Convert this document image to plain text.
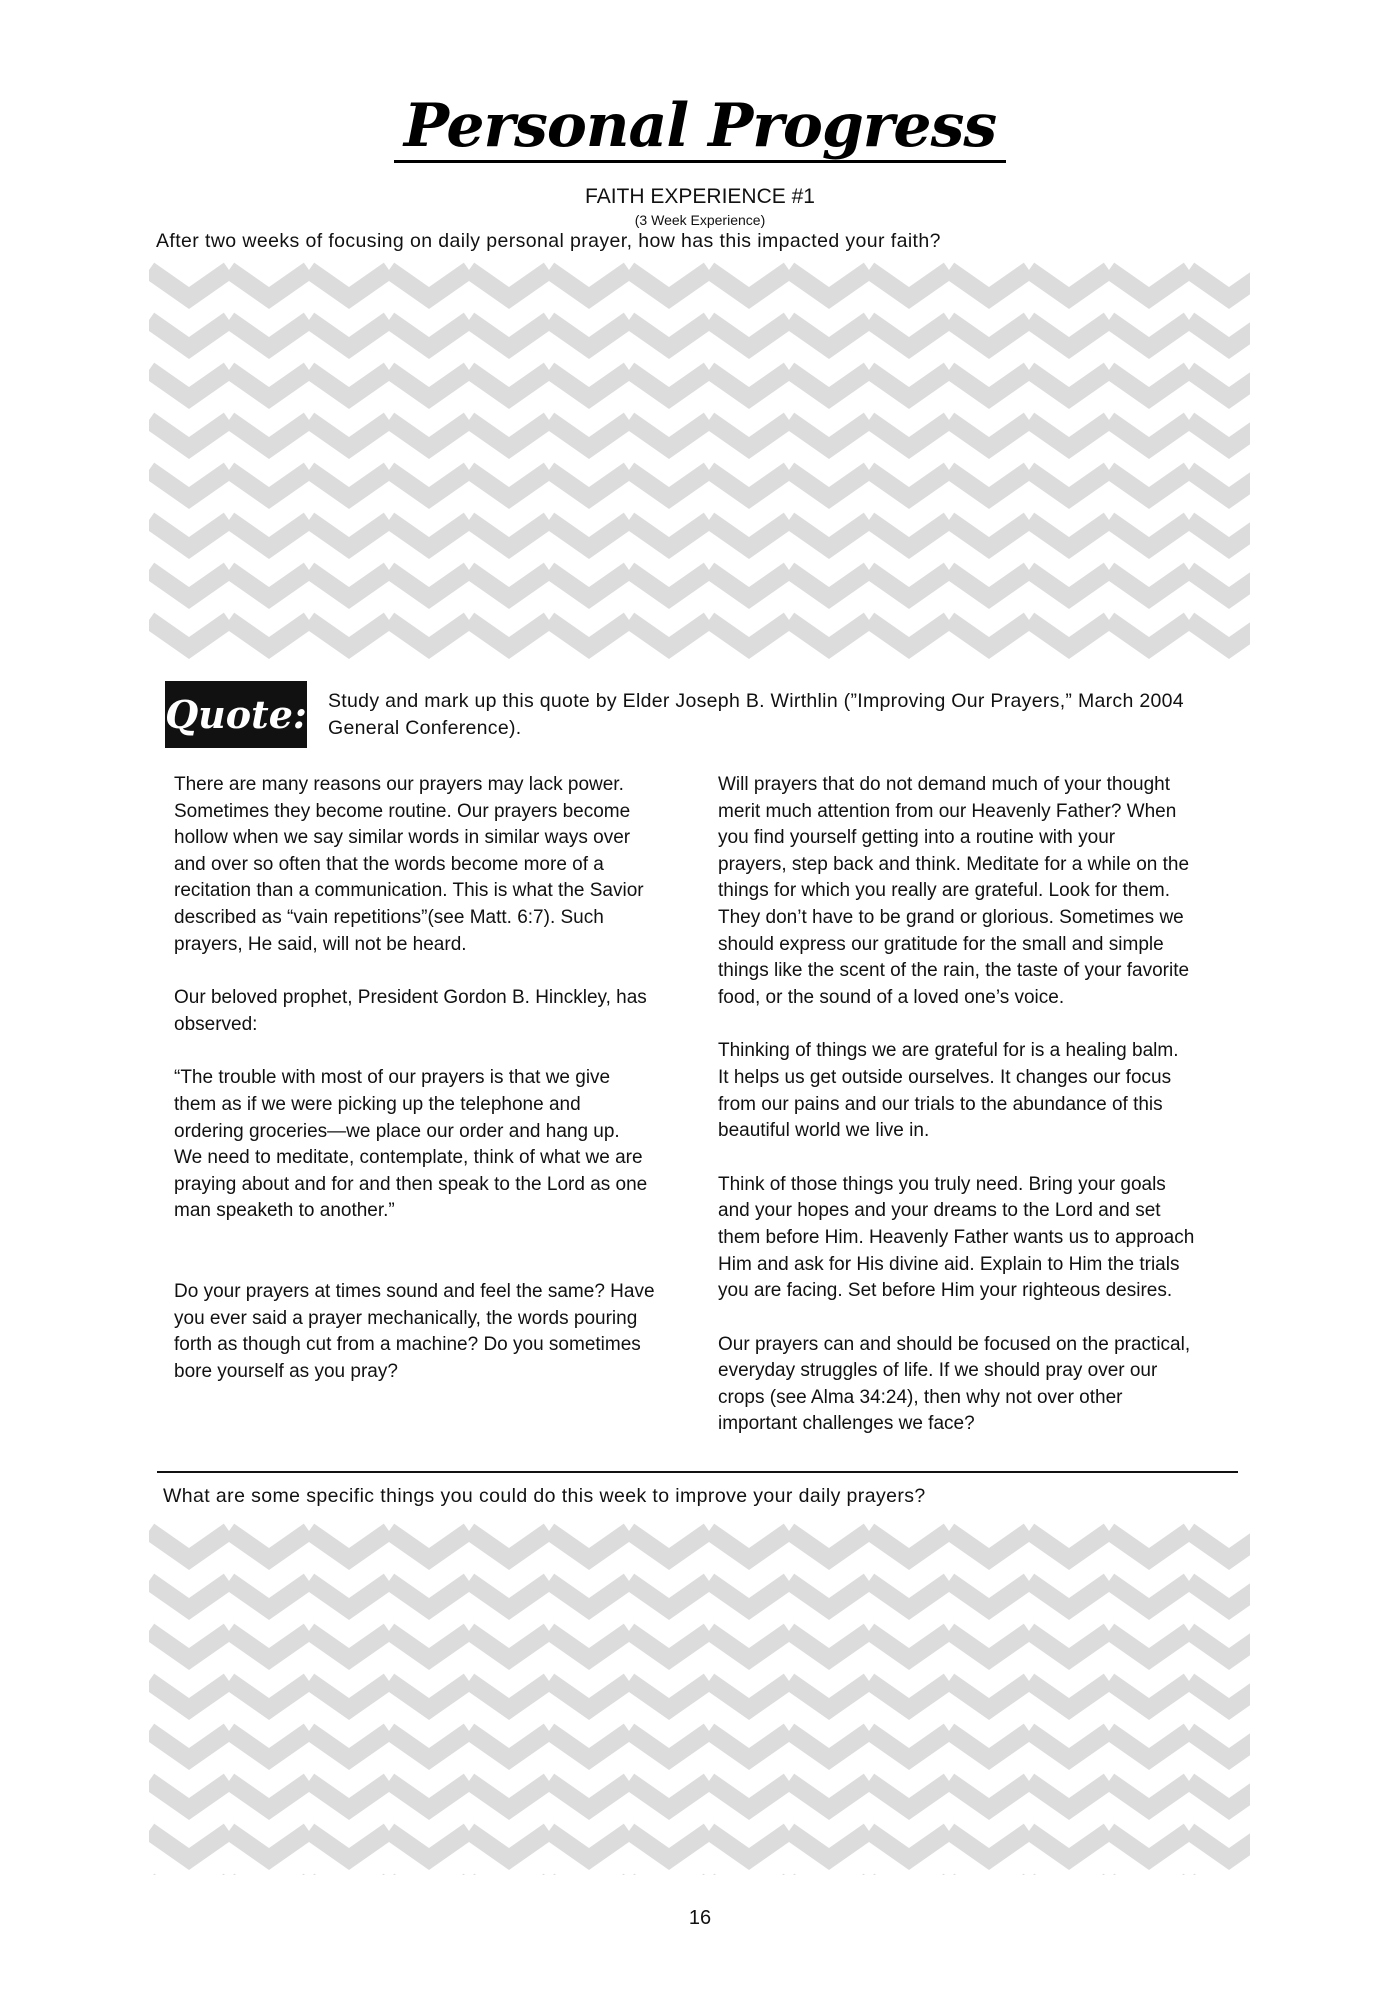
Personal Progress
FAITH EXPERIENCE #1
(3 Week Experience)
After two weeks of focusing on daily personal prayer, how has this impacted your faith?
Quote: Study and mark up this quote by Elder Joseph B. Wirthlin (”Improving Our Prayers,” March 2004 General Conference).

There are many reasons our prayers may lack power.
Sometimes they become routine. Our prayers become
hollow when we say similar words in similar ways over
and over so often that the words become more of a
recitation than a communication. This is what the Savior
described as “vain repetitions”(see Matt. 6:7). Such
prayers, He said, will not be heard.

Our beloved prophet, President Gordon B. Hinckley, has
observed:

“The trouble with most of our prayers is that we give
them as if we were picking up the telephone and
ordering groceries—we place our order and hang up.
We need to meditate, contemplate, think of what we are
praying about and for and then speak to the Lord as one
man speaketh to another.”

Do your prayers at times sound and feel the same? Have
you ever said a prayer mechanically, the words pouring
forth as though cut from a machine? Do you sometimes
bore yourself as you pray?

Will prayers that do not demand much of your thought
merit much attention from our Heavenly Father? When
you find yourself getting into a routine with your
prayers, step back and think. Meditate for a while on the
things for which you really are grateful. Look for them.
They don’t have to be grand or glorious. Sometimes we
should express our gratitude for the small and simple
things like the scent of the rain, the taste of your favorite
food, or the sound of a loved one’s voice.

Thinking of things we are grateful for is a healing balm.
It helps us get outside ourselves. It changes our focus
from our pains and our trials to the abundance of this
beautiful world we live in.

Think of those things you truly need. Bring your goals
and your hopes and your dreams to the Lord and set
them before Him. Heavenly Father wants us to approach
Him and ask for His divine aid. Explain to Him the trials
you are facing. Set before Him your righteous desires.

Our prayers can and should be focused on the practical,
everyday struggles of life. If we should pray over our
crops (see Alma 34:24), then why not over other
important challenges we face?

What are some specific things you could do this week to improve your daily prayers?
16
